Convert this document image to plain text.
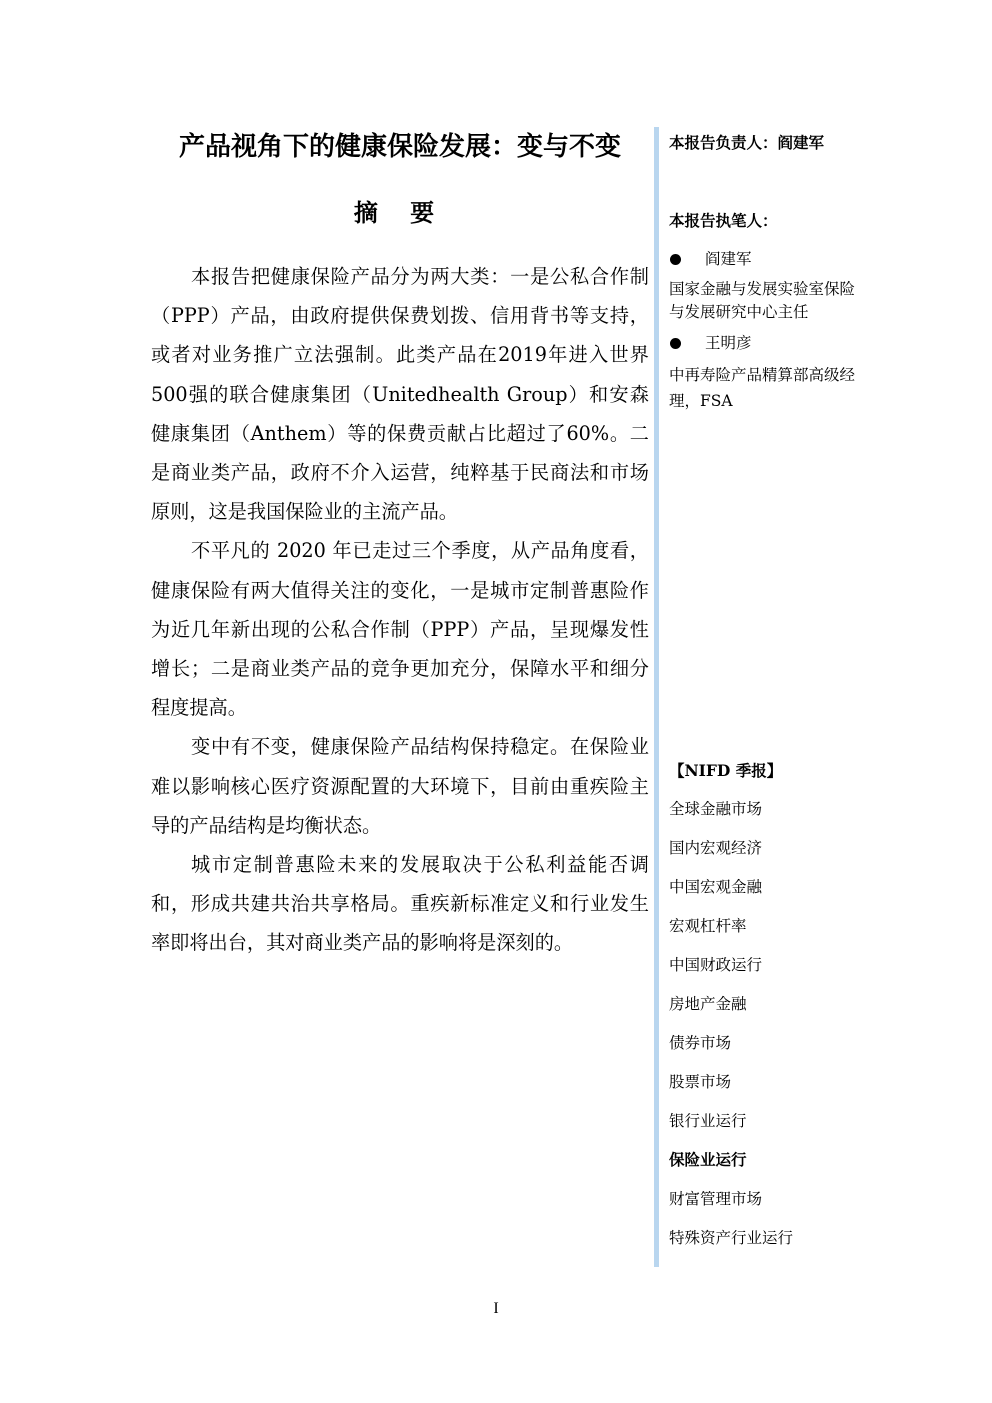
产品视角下的健康保险发展：变与不变
摘 要

本报告把健康保险产品分为两大类：一是公私合作制（PPP）产品，由政府提供保费划拨、信用背书等支持，或者对业务推广立法强制。此类产品在2019年进入世界500强的联合健康集团（Unitedhealth Group）和安森健康集团（Anthem）等的保费贡献占比超过了60%。二是商业类产品，政府不介入运营，纯粹基于民商法和市场原则，这是我国保险业的主流产品。

不平凡的 2020 年已走过三个季度，从产品角度看，健康保险有两大值得关注的变化，一是城市定制普惠险作为近几年新出现的公私合作制（PPP）产品，呈现爆发性增长；二是商业类产品的竞争更加充分，保障水平和细分程度提高。

变中有不变，健康保险产品结构保持稳定。在保险业难以影响核心医疗资源配置的大环境下，目前由重疾险主导的产品结构是均衡状态。

城市定制普惠险未来的发展取决于公私利益能否调和，形成共建共治共享格局。重疾新标准定义和行业发生率即将出台，其对商业类产品的影响将是深刻的。

本报告负责人：阎建军

本报告执笔人：

阎建军

国家金融与发展实验室保险与发展研究中心主任

王明彦

中再寿险产品精算部高级经理，FSA

【NIFD 季报】

全球金融市场

国内宏观经济

中国宏观金融

宏观杠杆率

中国财政运行

房地产金融

债券市场

股票市场

银行业运行

保险业运行

财富管理市场

特殊资产行业运行

I
